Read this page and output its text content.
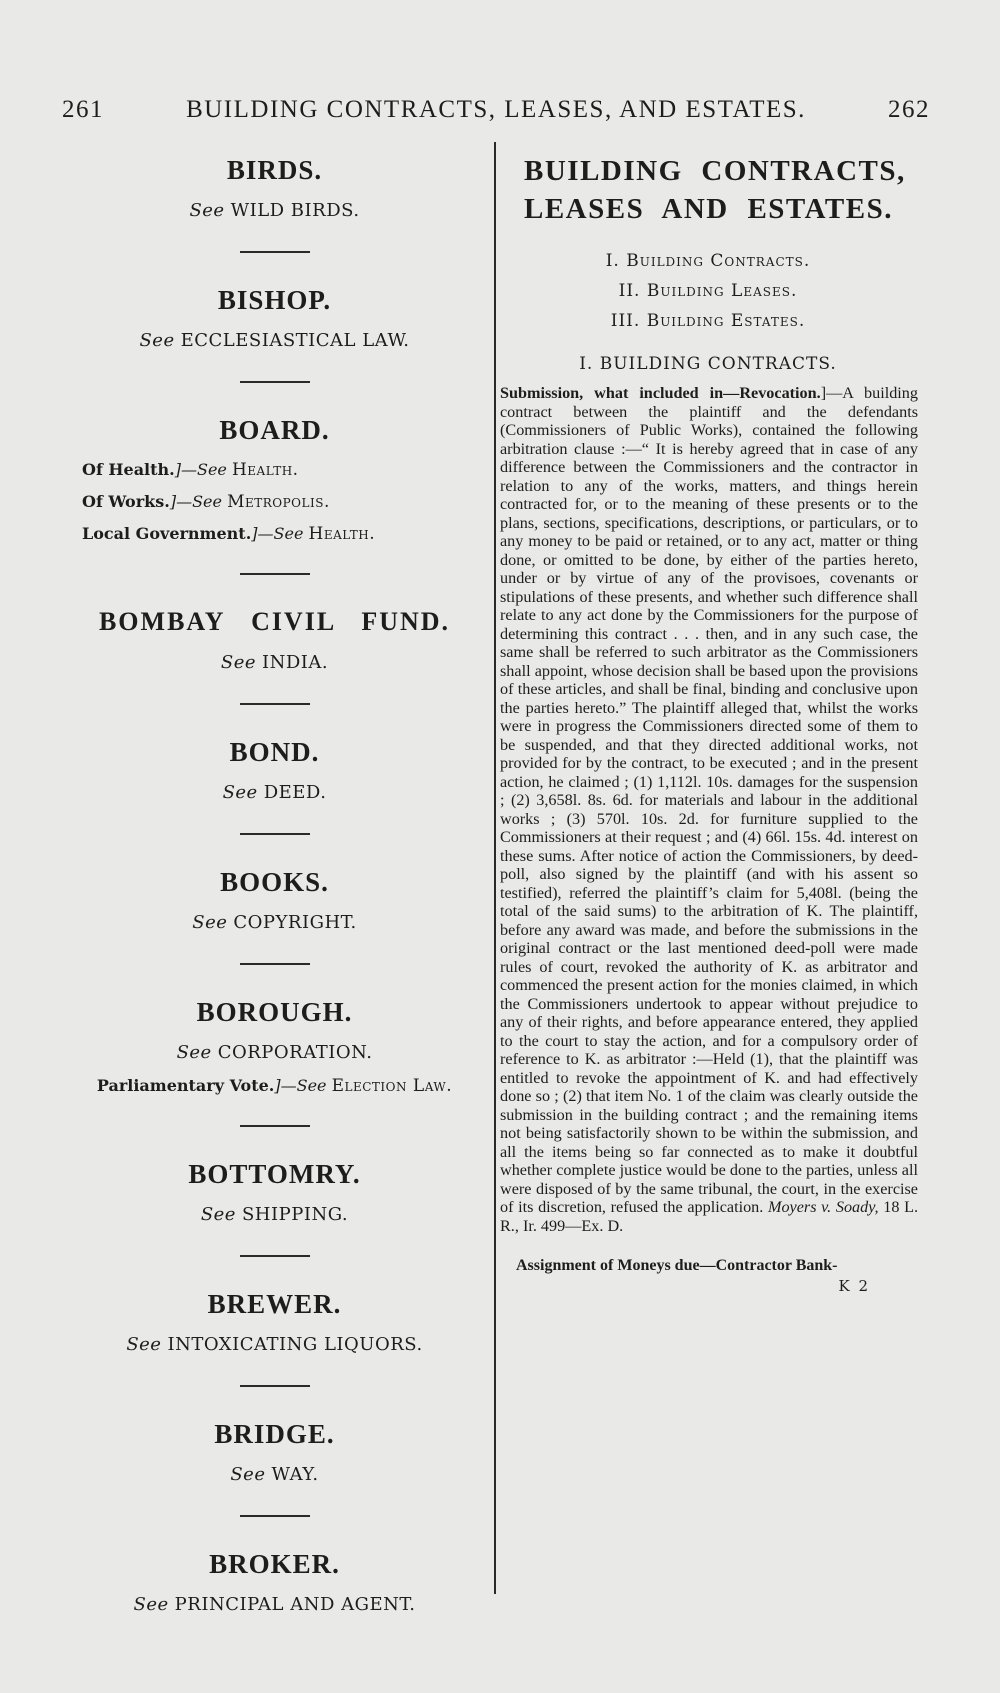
261	BUILDING CONTRACTS, LEASES, AND ESTATES.	262
BIRDS.
See WILD BIRDS.
BISHOP.
See ECCLESIASTICAL LAW.
BOARD.
Of Health.]—See Health.
Of Works.]—See Metropolis.
Local Government.]—See Health.
BOMBAY CIVIL FUND.
See INDIA.
BOND.
See DEED.
BOOKS.
See COPYRIGHT.
BOROUGH.
See CORPORATION.
Parliamentary Vote.]—See Election Law.
BOTTOMRY.
See SHIPPING.
BREWER.
See INTOXICATING LIQUORS.
BRIDGE.
See WAY.
BROKER.
See PRINCIPAL AND AGENT.
BUILDING CONTRACTS,
LEASES AND ESTATES.
I. Building Contracts.
II. Building Leases.
III. Building Estates.
I. BUILDING CONTRACTS.

Submission, what included in—Revocation.]—A building contract between the plaintiff and the defendants (Commissioners of Public Works), contained the following arbitration clause :—“ It is hereby agreed that in case of any difference between the Commissioners and the contractor in relation to any of the works, matters, and things herein contracted for, or to the meaning of these presents or to the plans, sections, specifications, descriptions, or particulars, or to any money to be paid or retained, or to any act, matter or thing done, or omitted to be done, by either of the parties hereto, under or by virtue of any of the provisoes, covenants or stipulations of these presents, and whether such difference shall relate to any act done by the Commissioners for the purpose of determining this contract . . . then, and in any such case, the same shall be referred to such arbitrator as the Commissioners shall appoint, whose decision shall be based upon the provisions of these articles, and shall be final, binding and conclusive upon the parties hereto.” The plaintiff alleged that, whilst the works were in progress the Commissioners directed some of them to be suspended, and that they directed additional works, not provided for by the contract, to be executed ; and in the present action, he claimed ; (1) 1,112l. 10s. damages for the suspension ; (2) 3,658l. 8s. 6d. for materials and labour in the additional works ; (3) 570l. 10s. 2d. for furniture supplied to the Commissioners at their request ; and (4) 66l. 15s. 4d. interest on these sums. After notice of action the Commissioners, by deed-poll, also signed by the plaintiff (and with his assent so testified), referred the plaintiff’s claim for 5,408l. (being the total of the said sums) to the arbitration of K. The plaintiff, before any award was made, and before the submissions in the original contract or the last mentioned deed-poll were made rules of court, revoked the authority of K. as arbitrator and commenced the present action for the monies claimed, in which the Commissioners undertook to appear without prejudice to any of their rights, and before appearance entered, they applied to the court to stay the action, and for a compulsory order of reference to K. as arbitrator :—Held (1), that the plaintiff was entitled to revoke the appointment of K. and had effectively done so ; (2) that item No. 1 of the claim was clearly outside the submission in the building contract ; and the remaining items not being satisfactorily shown to be within the submission, and all the items being so far connected as to make it doubtful whether complete justice would be done to the parties, unless all were disposed of by the same tribunal, the court, in the exercise of its discretion, refused the application. Moyers v. Soady, 18 L. R., Ir. 499—Ex. D.

Assignment of Moneys due—Contractor Bank-
K 2
